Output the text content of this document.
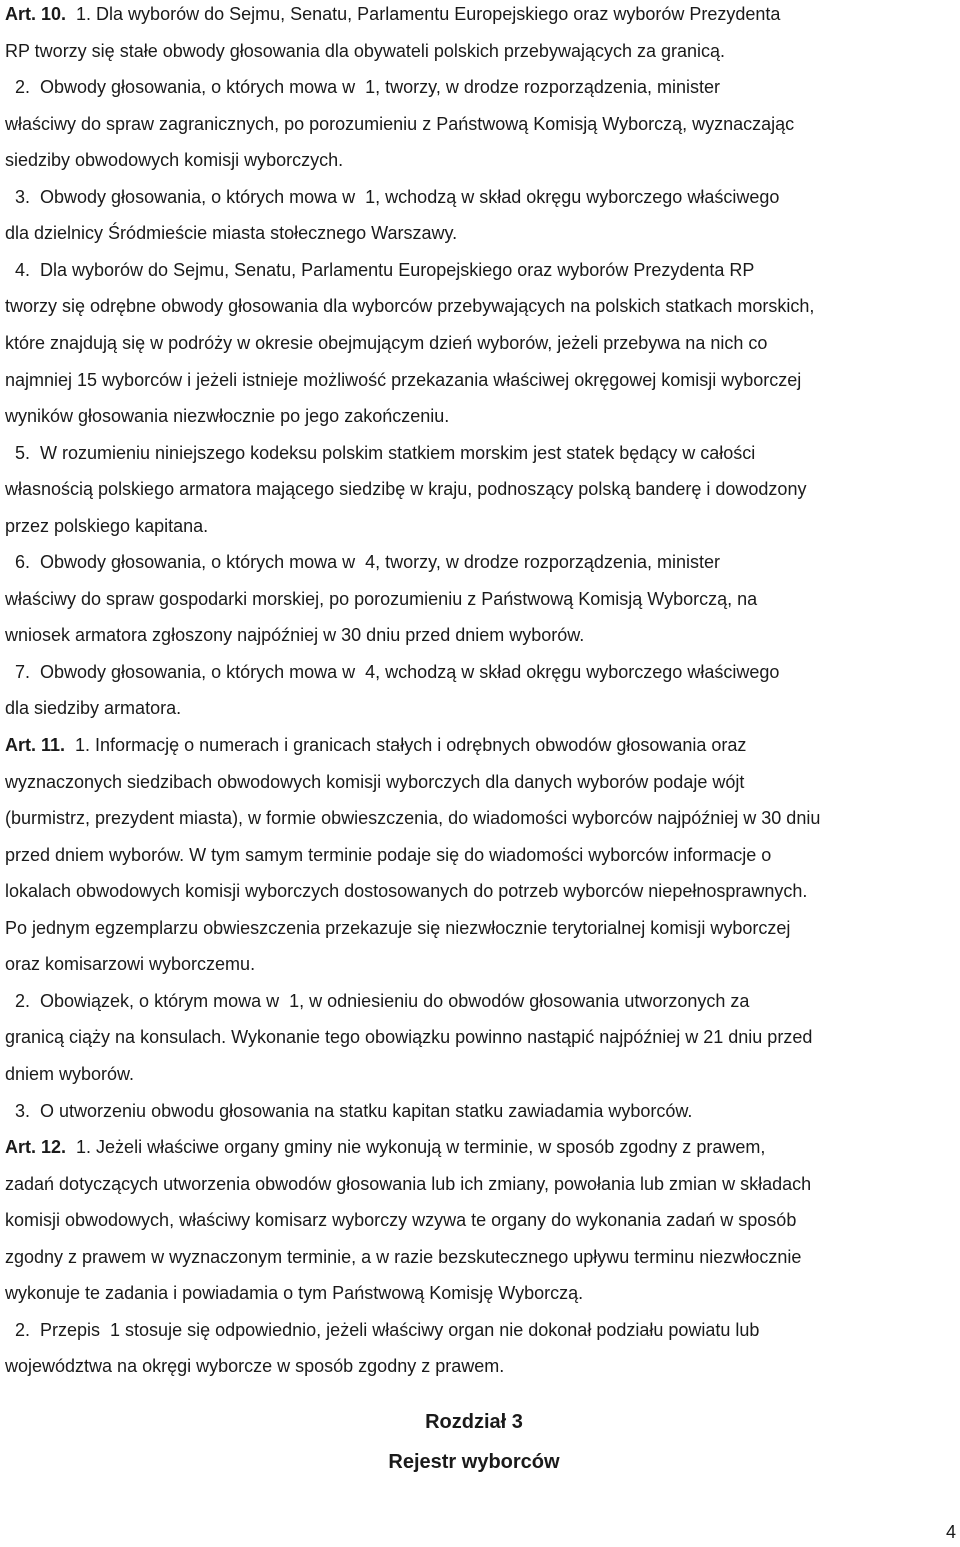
Art. 10.  1. Dla wyborów do Sejmu, Senatu, Parlamentu Europejskiego oraz wyborów Prezydenta
RP tworzy się stałe obwody głosowania dla obywateli polskich przebywających za granicą.
2.  Obwody głosowania, o których mowa w  1, tworzy, w drodze rozporządzenia, minister
właściwy do spraw zagranicznych, po porozumieniu z Państwową Komisją Wyborczą, wyznaczając
siedziby obwodowych komisji wyborczych.
3.  Obwody głosowania, o których mowa w  1, wchodzą w skład okręgu wyborczego właściwego
dla dzielnicy Śródmieście miasta stołecznego Warszawy.
4.  Dla wyborów do Sejmu, Senatu, Parlamentu Europejskiego oraz wyborów Prezydenta RP
tworzy się odrębne obwody głosowania dla wyborców przebywających na polskich statkach morskich,
które znajdują się w podróży w okresie obejmującym dzień wyborów, jeżeli przebywa na nich co
najmniej 15 wyborców i jeżeli istnieje możliwość przekazania właściwej okręgowej komisji wyborczej
wyników głosowania niezwłocznie po jego zakończeniu.
5.  W rozumieniu niniejszego kodeksu polskim statkiem morskim jest statek będący w całości
własnością polskiego armatora mającego siedzibę w kraju, podnoszący polską banderę i dowodzony
przez polskiego kapitana.
6.  Obwody głosowania, o których mowa w  4, tworzy, w drodze rozporządzenia, minister
właściwy do spraw gospodarki morskiej, po porozumieniu z Państwową Komisją Wyborczą, na
wniosek armatora zgłoszony najpóźniej w 30 dniu przed dniem wyborów.
7.  Obwody głosowania, o których mowa w  4, wchodzą w skład okręgu wyborczego właściwego
dla siedziby armatora.
Art. 11.  1. Informację o numerach i granicach stałych i odrębnych obwodów głosowania oraz
wyznaczonych siedzibach obwodowych komisji wyborczych dla danych wyborów podaje wójt
(burmistrz, prezydent miasta), w formie obwieszczenia, do wiadomości wyborców najpóźniej w 30 dniu
przed dniem wyborów. W tym samym terminie podaje się do wiadomości wyborców informacje o
lokalach obwodowych komisji wyborczych dostosowanych do potrzeb wyborców niepełnosprawnych.
Po jednym egzemplarzu obwieszczenia przekazuje się niezwłocznie terytorialnej komisji wyborczej
oraz komisarzowi wyborczemu.
2.  Obowiązek, o którym mowa w  1, w odniesieniu do obwodów głosowania utworzonych za
granicą ciąży na konsulach. Wykonanie tego obowiązku powinno nastąpić najpóźniej w 21 dniu przed
dniem wyborów.
3.  O utworzeniu obwodu głosowania na statku kapitan statku zawiadamia wyborców.
Art. 12.  1. Jeżeli właściwe organy gminy nie wykonują w terminie, w sposób zgodny z prawem,
zadań dotyczących utworzenia obwodów głosowania lub ich zmiany, powołania lub zmian w składach
komisji obwodowych, właściwy komisarz wyborczy wzywa te organy do wykonania zadań w sposób
zgodny z prawem w wyznaczonym terminie, a w razie bezskutecznego upływu terminu niezwłocznie
wykonuje te zadania i powiadamia o tym Państwową Komisję Wyborczą.
2.  Przepis  1 stosuje się odpowiednio, jeżeli właściwy organ nie dokonał podziału powiatu lub
województwa na okręgi wyborcze w sposób zgodny z prawem.
Rozdział 3
Rejestr wyborców
4
